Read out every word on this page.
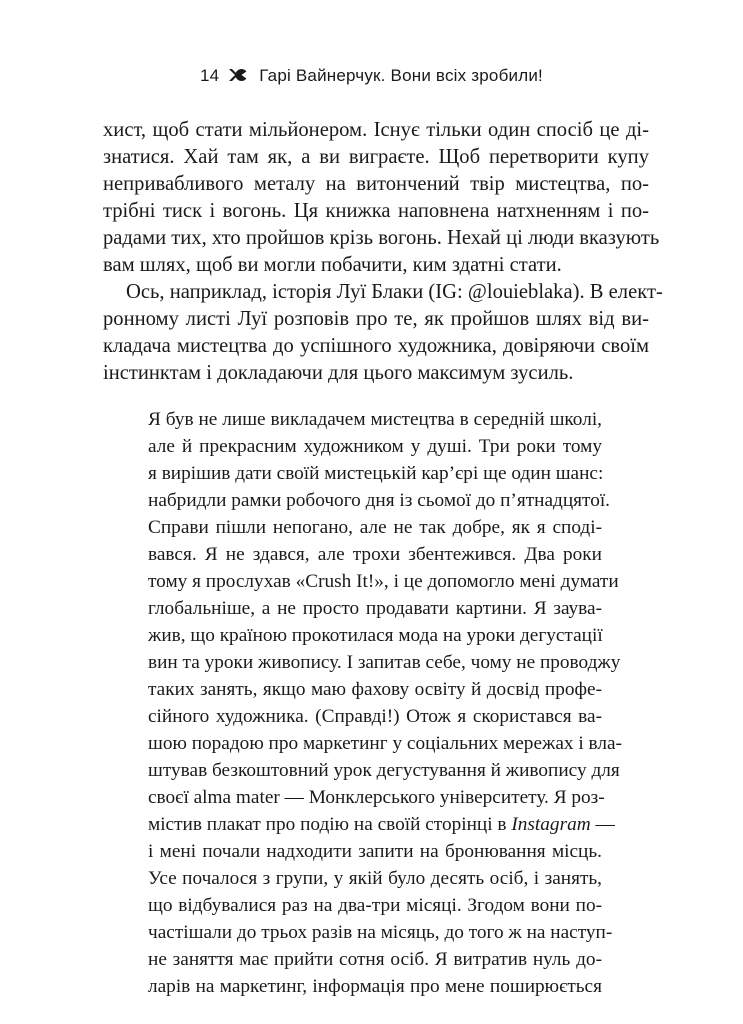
14 Гарі Вайнерчук. Вони всіх зробили!
хист, щоб стати мільйонером. Існує тільки один спосіб це ді-
знатися. Хай там як, а ви виграєте. Щоб перетворити купу
непривабливого металу на витончений твір мистецтва, по-
трібні тиск і вогонь. Ця книжка наповнена натхненням і по-
радами тих, хто пройшов крізь вогонь. Нехай ці люди вказують
вам шлях, щоб ви могли побачити, ким здатні стати.
Ось, наприклад, історія Луї Блаки (IG: @louieblaka). В елект-
ронному листі Луї розповів про те, як пройшов шлях від ви-
кладача мистецтва до успішного художника, довіряючи своїм
інстинктам і докладаючи для цього максимум зусиль.
Я був не лише викладачем мистецтва в середній школі,
але й прекрасним художником у душі. Три роки тому
я вирішив дати своїй мистецькій кар’єрі ще один шанс:
набридли рамки робочого дня із сьомої до п’ятнадцятої.
Справи пішли непогано, але не так добре, як я споді-
вався. Я не здався, але трохи збентежився. Два роки
тому я прослухав «Crush It!», і це допомогло мені думати
глобальніше, а не просто продавати картини. Я заува-
жив, що країною прокотилася мода на уроки дегустації
вин та уроки живопису. І запитав себе, чому не проводжу
таких занять, якщо маю фахову освіту й досвід профе-
сійного художника. (Справді!) Отож я скористався ва-
шою порадою про маркетинг у соціальних мережах і вла-
штував безкоштовний урок дегустування й живопису для
своєї alma mater — Монклерського університету. Я роз-
містив плакат про подію на своїй сторінці в Instagram —
і мені почали надходити запити на бронювання місць.
Усе почалося з групи, у якій було десять осіб, і занять,
що відбувалися раз на два-три місяці. Згодом вони по-
частішали до трьох разів на місяць, до того ж на наступ-
не заняття має прийти сотня осіб. Я витратив нуль до-
ларів на маркетинг, інформація про мене поширюється
